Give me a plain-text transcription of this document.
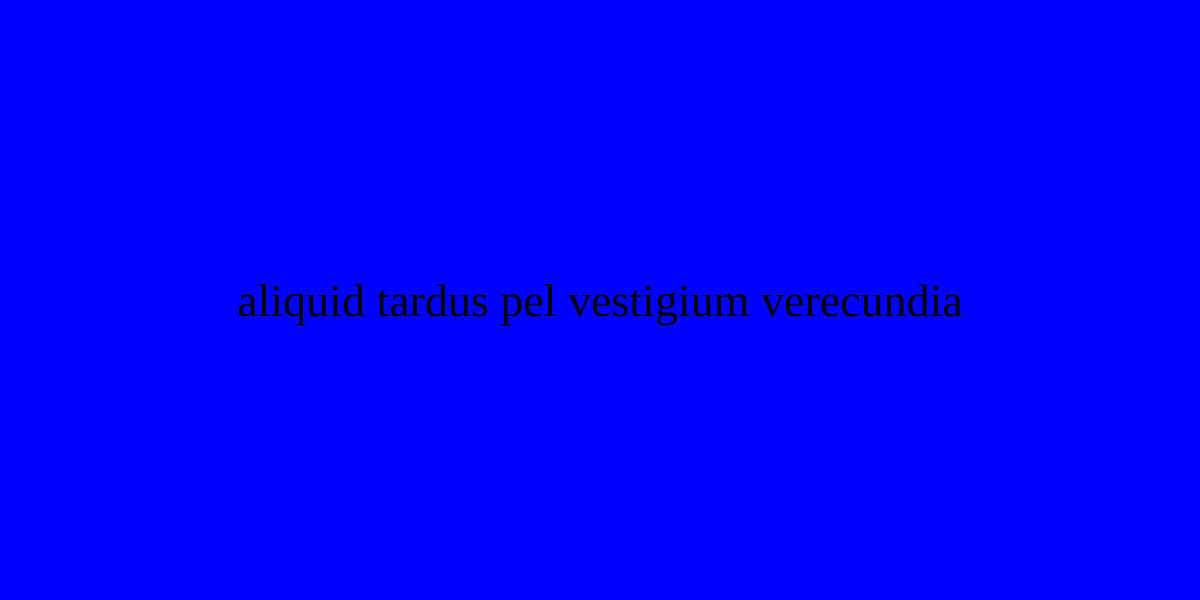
aliquid tardus pel vestigium verecundia
